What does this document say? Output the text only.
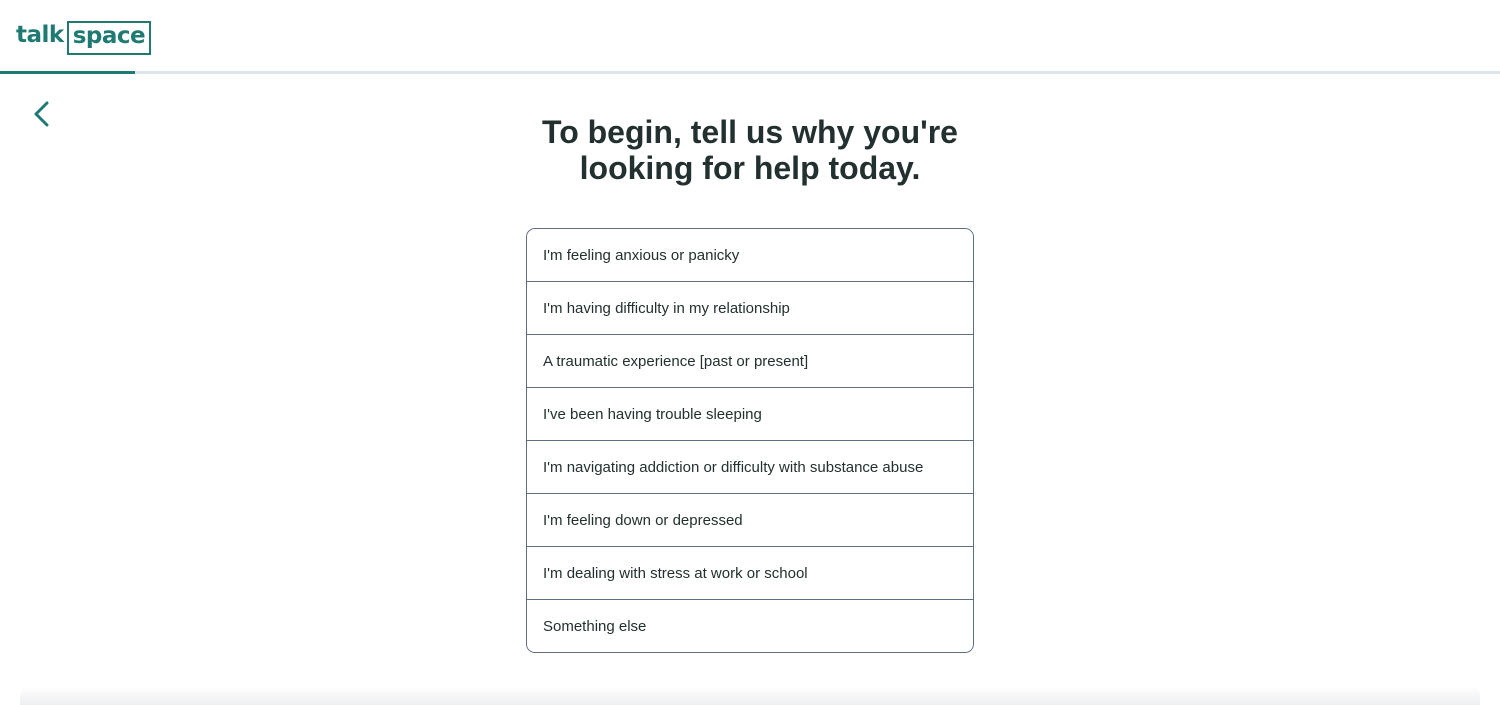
talk space
To begin, tell us why you're
looking for help today.
I'm feeling anxious or panicky
I'm having difficulty in my relationship
A traumatic experience [past or present]
I've been having trouble sleeping
I'm navigating addiction or difficulty with substance abuse
I'm feeling down or depressed
I'm dealing with stress at work or school
Something else
